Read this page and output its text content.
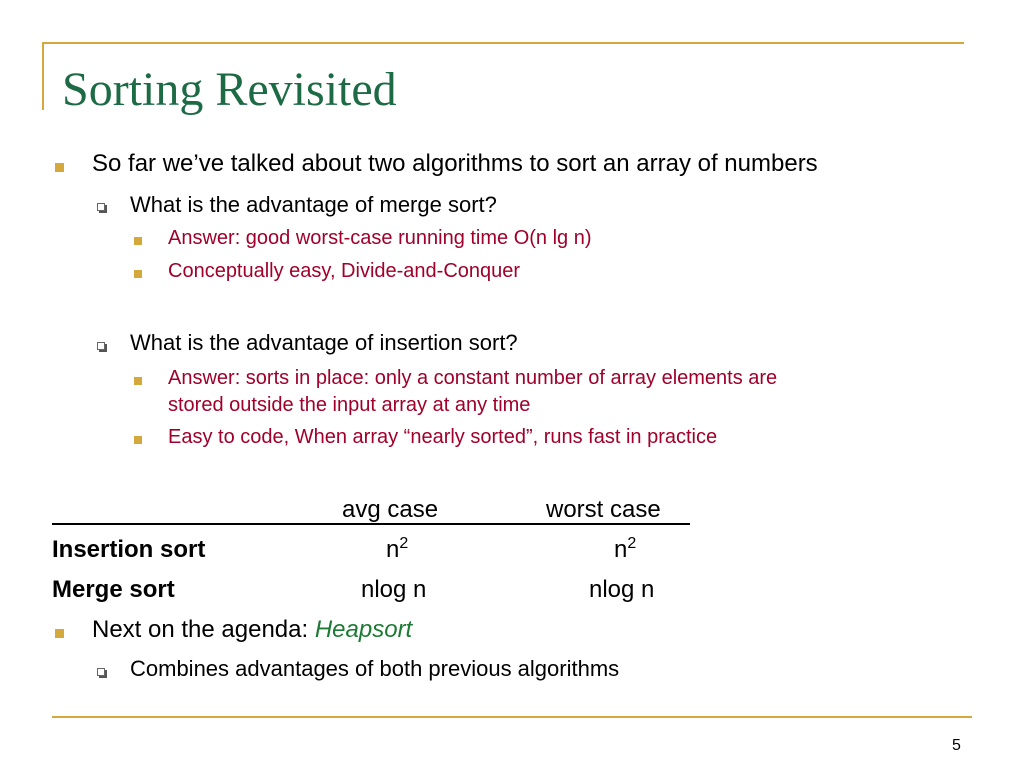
Sorting Revisited
So far we’ve talked about two algorithms to sort an array of numbers
What is the advantage of merge sort?
Answer: good worst-case running time O(n lg n)
Conceptually easy, Divide-and-Conquer
What is the advantage of insertion sort?
Answer: sorts in place: only a constant number of array elements are
stored outside the input array at any time
Easy to code, When array “nearly sorted”, runs fast in practice
avg case	worst case
Insertion sort	$n^2$	$n^2$
Merge sort	nlog n	nlog n
Next on the agenda: Heapsort
Combines advantages of both previous algorithms
5
